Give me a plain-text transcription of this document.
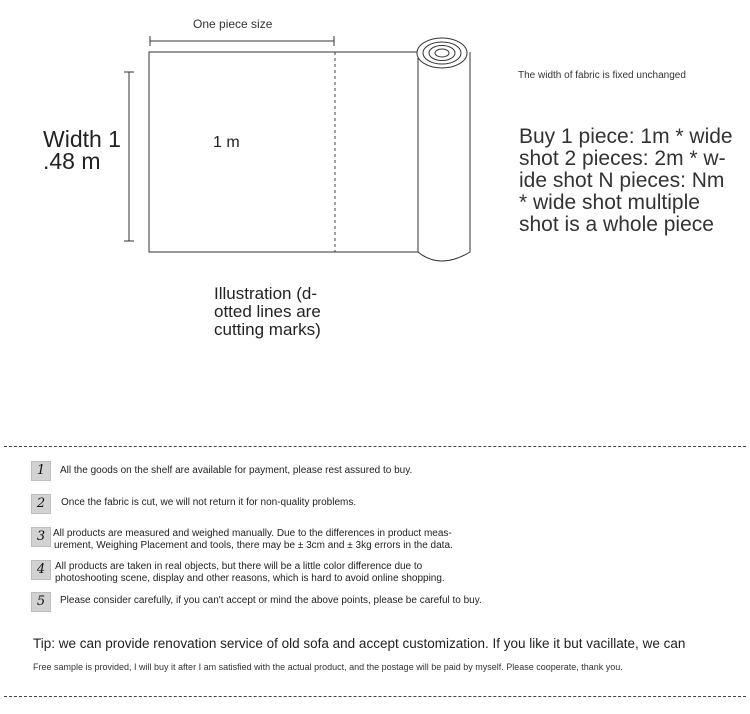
One piece size
Width 1
.48 m
1 m
The width of fabric is fixed unchanged
Buy 1 piece: 1m * wide
shot 2 pieces: 2m * w-
ide shot N pieces: Nm
* wide shot multiple
shot is a whole piece
Illustration (d-
otted lines are
cutting marks)
1	All the goods on the shelf are available for payment, please rest assured to buy.
2	Once the fabric is cut, we will not return it for non-quality problems.
3 All products are measured and weighed manually. Due to the differences in product meas-
urement, Weighing Placement and tools, there may be ± 3cm and ± 3kg errors in the data.
4 All products are taken in real objects, but there will be a little color difference due to
photoshooting scene, display and other reasons, which is hard to avoid online shopping.
5	Please consider carefully, if you can't accept or mind the above points, please be careful to buy.
Tip: we can provide renovation service of old sofa and accept customization. If you like it but vacillate, we can
Free sample is provided, I will buy it after I am satisfied with the actual product, and the postage will be paid by myself. Please cooperate, thank you.
